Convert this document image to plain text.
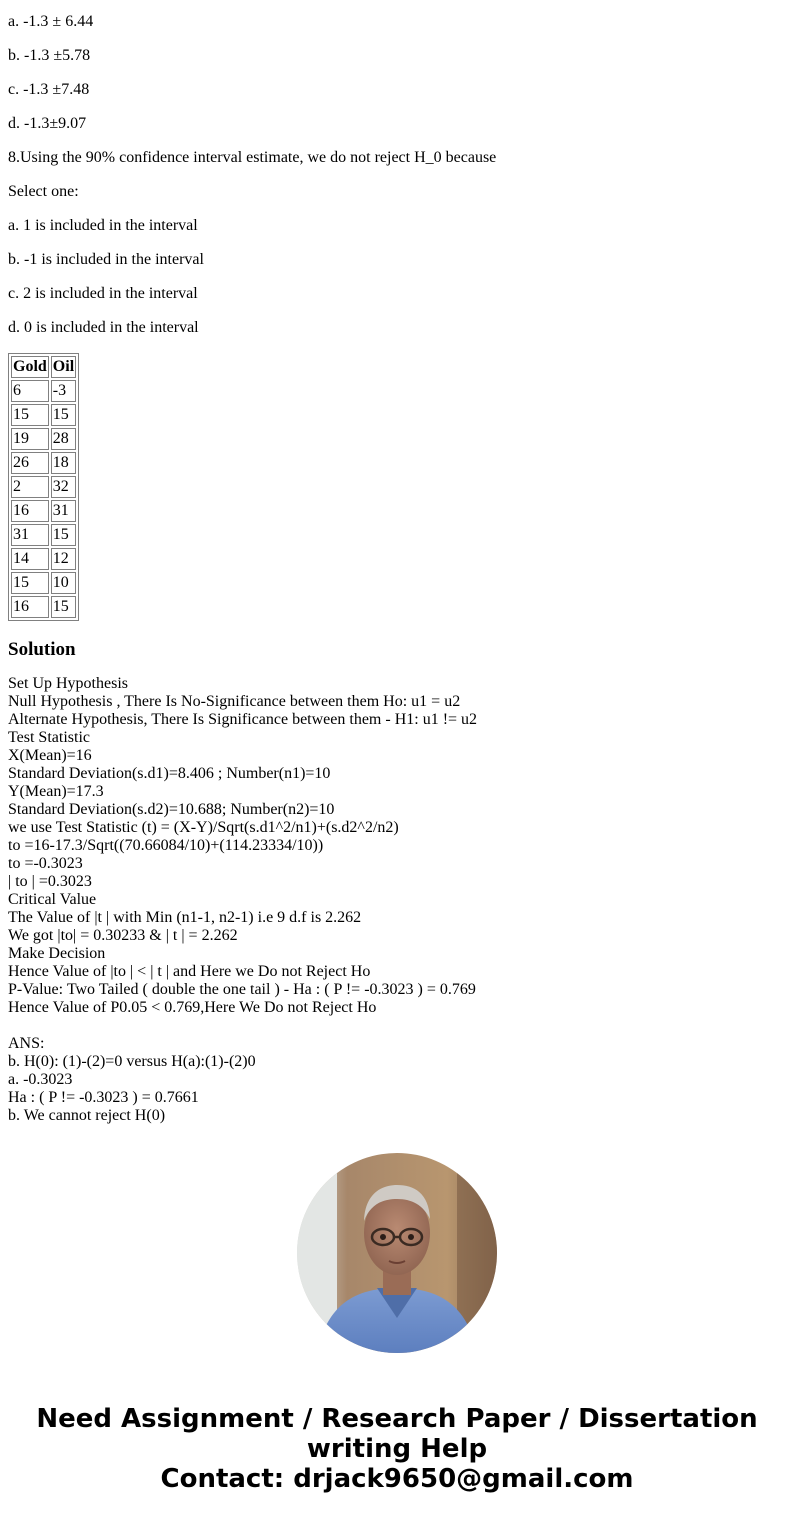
a. -1.3 ± 6.44

b. -1.3 ±5.78

c. -1.3 ±7.48

d. -1.3±9.07

8.Using the 90% confidence interval estimate, we do not reject H_0 because

Select one:

a. 1 is included in the interval

b. -1 is included in the interval

c. 2 is included in the interval

d. 0 is included in the interval

Gold	Oil
6	-3
15	15
19	28
26	18
2	32
16	31
31	15
14	12
15	10
16	15
Solution

Set Up Hypothesis

Null Hypothesis , There Is No-Significance between them Ho: u1 = u2

Alternate Hypothesis, There Is Significance between them - H1: u1 != u2

Test Statistic

X(Mean)=16

Standard Deviation(s.d1)=8.406 ; Number(n1)=10

Y(Mean)=17.3

Standard Deviation(s.d2)=10.688; Number(n2)=10

we use Test Statistic (t) = (X-Y)/Sqrt(s.d1^2/n1)+(s.d2^2/n2)

to =16-17.3/Sqrt((70.66084/10)+(114.23334/10))

to =-0.3023

| to | =0.3023

Critical Value

The Value of |t | with Min (n1-1, n2-1) i.e 9 d.f is 2.262

We got |to| = 0.30233 & | t | = 2.262

Make Decision

Hence Value of |to | < | t | and Here we Do not Reject Ho

P-Value: Two Tailed ( double the one tail ) - Ha : ( P != -0.3023 ) = 0.769

Hence Value of P0.05 < 0.769,Here We Do not Reject Ho

ANS:

b. H(0): (1)-(2)=0 versus H(a):(1)-(2)0

a. -0.3023

Ha : ( P != -0.3023 ) = 0.7661

b. We cannot reject H(0)

Need Assignment / Research Paper / Dissertation
writing Help
Contact: drjack9650@gmail.com
